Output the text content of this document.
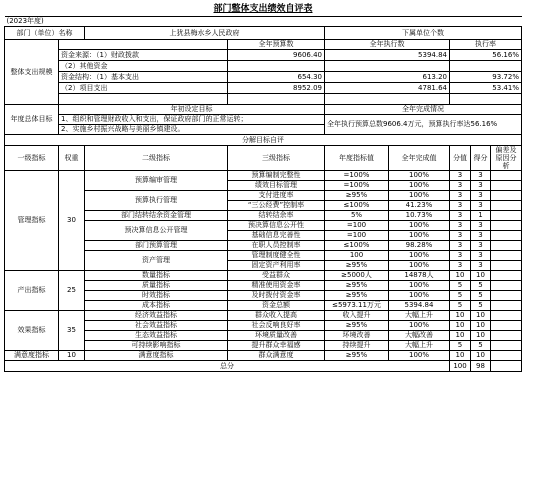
部门整体支出绩效自评表								
(2023年度)								
部门（单位）名称		上犹县梅水乡人民政府		下属单位个数				
整体支出规模			全年预算数	全年执行数		执行率		
	资金来源：（1）财政拨款		9606.40	5394.84		56.16%		
	（2）其他资金							
	资金结构：（1）基本支出		654.30	613.20		93.72%		
	（2）项目支出		8952.09	4781.64		53.41%		

年度总体目标	年初设定目标			全年完成情况				
	1、组织和管理财政收入和支出，保证政府部门的正常运转；			全年执行预算总数9606.4万元，预算执行率达56.16%				
	2、实施乡村振兴战略与美丽乡镇建设。							
分解目标自评								
一级指标	权重	二级指标	三级指标	年度指标值	全年完成值	分值	得分	偏差及原因分析
管理指标	30	预算编审管理	预算编制完整性	=100%	100%	3	3	
			绩效目标管理	=100%	100%	3	3	
		预算执行管理	支付进度率	≥95%	100%	3	3	
			“三公经费”控制率	≤100%	41.23%	3	3	
		部门结转结余资金管理	结转结余率	5%	10.73%	3	1	
		预决算信息公开管理	预决算信息公开性	=100	100%	3	3	
			基础信息完善性	=100	100%	3	3	
		部门预算管理	在职人员控制率	≤100%	98.28%	3	3	
		资产管理	管理制度健全性	100	100%	3	3	
			固定资产利用率	≥95%	100%	3	3	
产出指标	25	数量指标	受益群众	≥5000人	14878人	10	10	
		质量指标	精准使用资金率	≥95%	100%	5	5	
		时效指标	及时拨付资金率	≥95%	100%	5	5	
		成本指标	资金总额	≤5973.11万元	5394.84	5	5	
效果指标	35	经济效益指标	群众收入提高	收入提升	大幅上升	10	10	
		社会效益指标	社会反响良好率	≥95%	100%	10	10	
		生态效益指标	环境质量改善	环境改善	大幅改善	10	10	
		可持续影响指标	提升群众幸福感	持续提升	大幅上升	5	5	
满意度指标	10	满意度指标	群众满意度	≥95%	100%	10	10	
总分						100	98	
